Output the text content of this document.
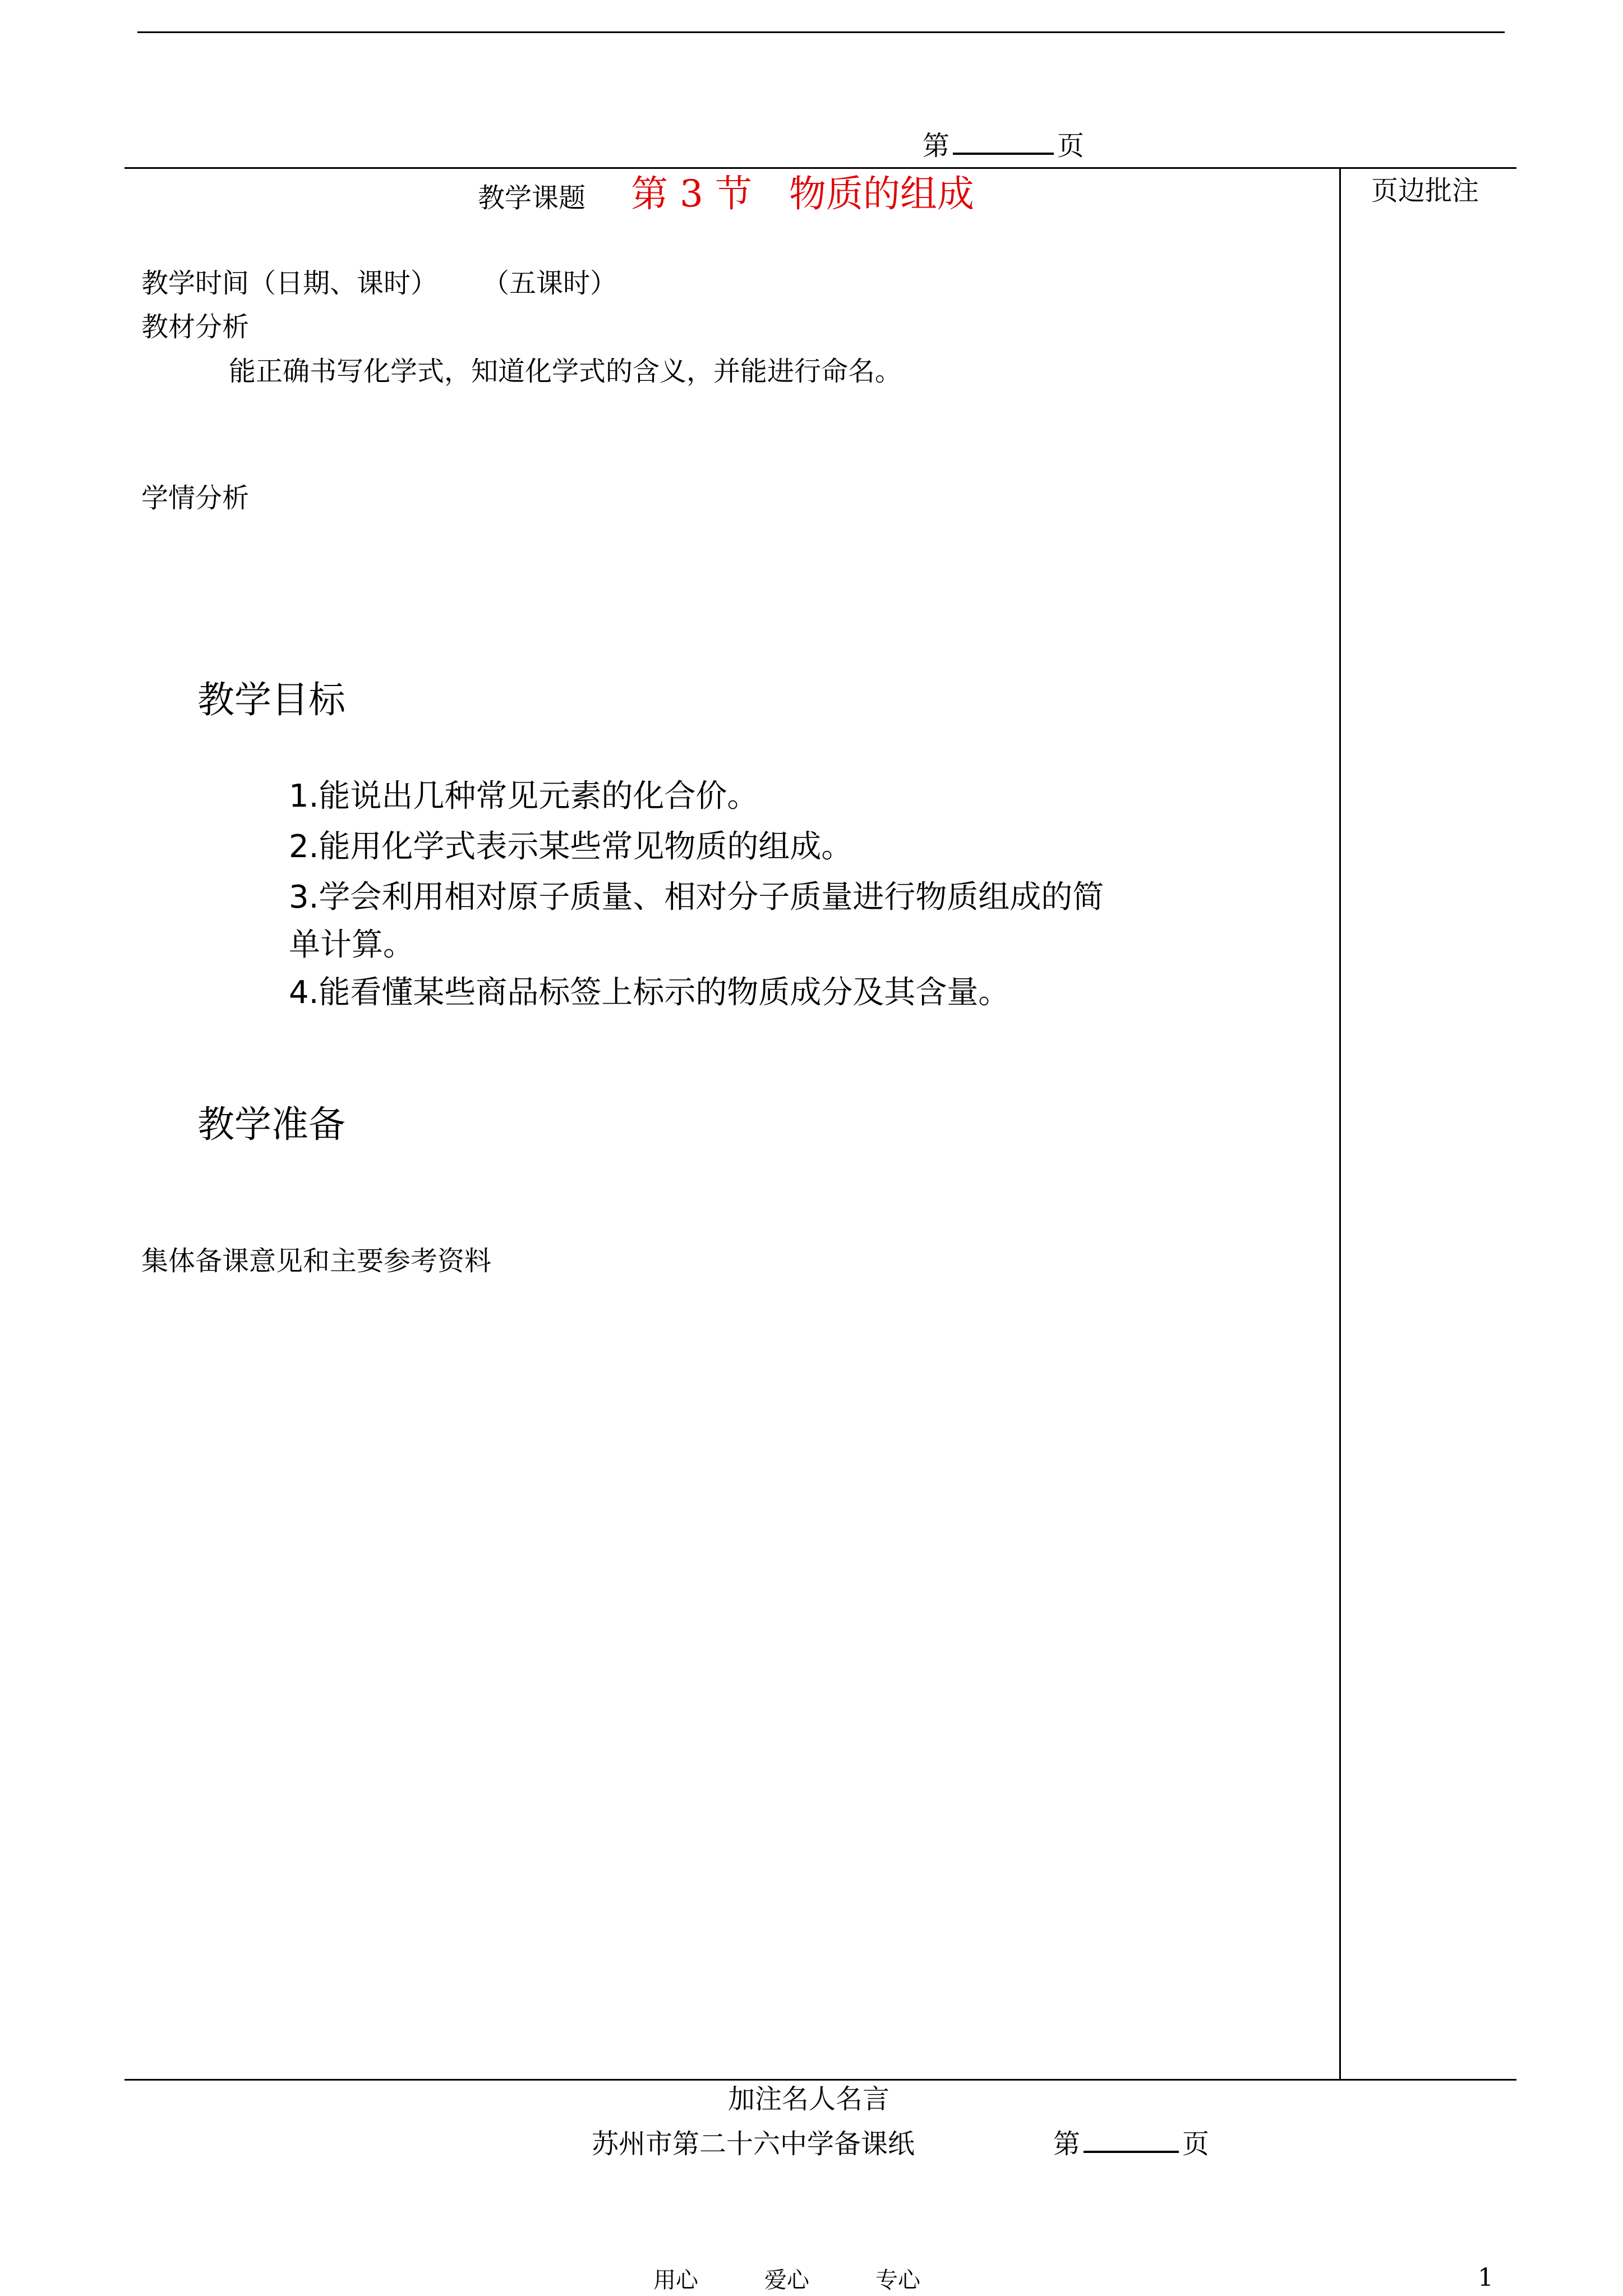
第	页
教学课题 第 3 节　物质的组成	页边批注
教学时间（日期、课时） （五课时）
教材分析
能正确书写化学式，知道化学式的含义，并能进行命名。
学情分析
教学目标
1.能说出几种常见元素的化合价。
2.能用化学式表示某些常见物质的组成。
3.学会利用相对原子质量、相对分子质量进行物质组成的简
单计算。
4.能看懂某些商品标签上标示的物质成分及其含量。
教学准备
集体备课意见和主要参考资料
加注名人名言
苏州市第二十六中学备课纸	第	页
用心	爱心	专心	1
